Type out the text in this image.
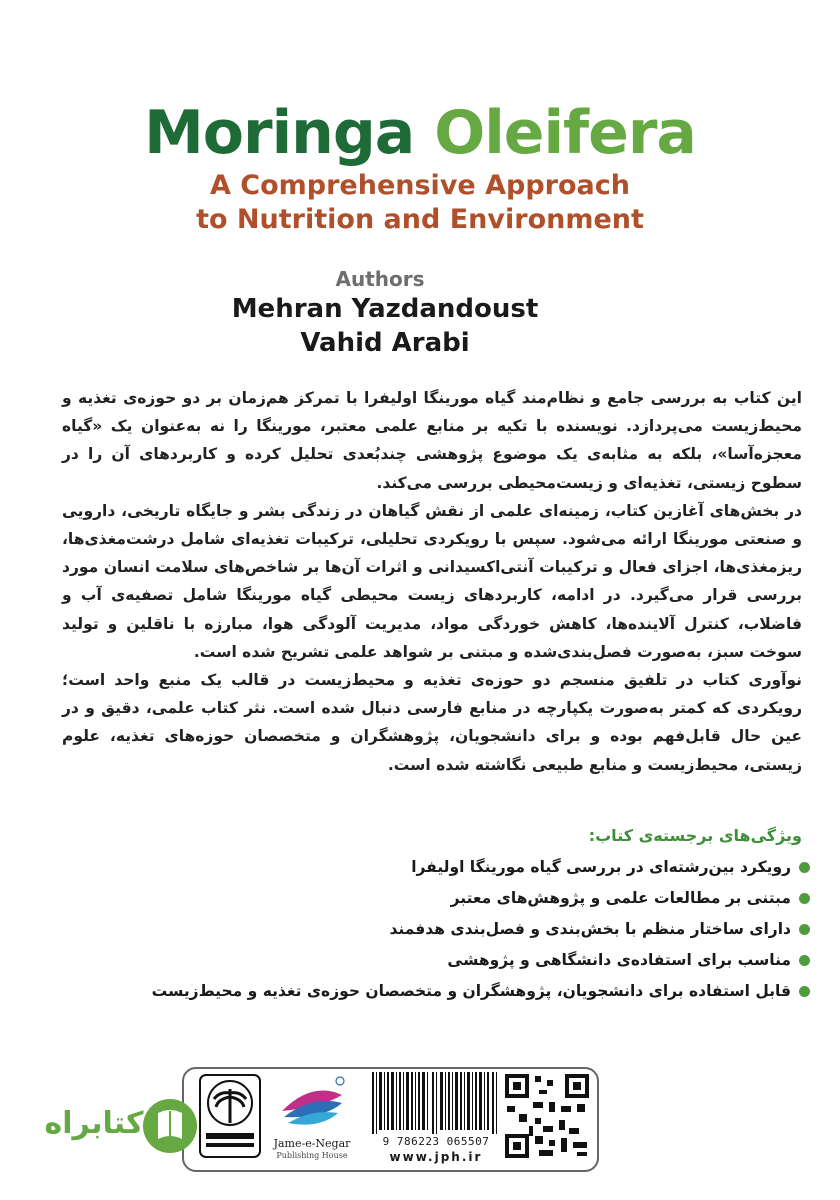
Moringa Oleifera
A Comprehensive Approach
to Nutrition and Environment
Authors
Mehran Yazdandoust
Vahid Arabi

این کتاب به بررسی جامع و نظام‌مند گیاه مورینگا اولیفرا با تمرکز هم‌زمان بر دو حوزه‌ی تغذیه و محیط‌زیست می‌پردازد. نویسنده با تکیه بر منابع علمی معتبر، مورینگا را نه به‌عنوان یک «گیاه معجزه‌آسا»، بلکه به مثابه‌ی یک موضوع پژوهشی چندبُعدی تحلیل کرده و کاربردهای آن را در سطوح زیستی، تغذیه‌ای و زیست‌محیطی بررسی می‌کند.

در بخش‌های آغازین کتاب، زمینه‌ای علمی از نقش گیاهان در زندگی بشر و جایگاه تاریخی، دارویی و صنعتی مورینگا ارائه می‌شود. سپس با رویکردی تحلیلی، ترکیبات تغذیه‌ای شامل درشت‌مغذی‌ها، ریزمغذی‌ها، اجزای فعال و ترکیبات آنتی‌اکسیدانی و اثرات آن‌ها بر شاخص‌های سلامت انسان مورد بررسی قرار می‌گیرد. در ادامه، کاربردهای زیست محیطی گیاه مورینگا شامل تصفیه‌ی آب و فاضلاب، کنترل آلاینده‌ها، کاهش خوردگی مواد، مدیریت آلودگی هوا، مبارزه با ناقلین و تولید سوخت سبز، به‌صورت فصل‌بندی‌شده و مبتنی بر شواهد علمی تشریح شده است.

نوآوری کتاب در تلفیق منسجم دو حوزه‌ی تغذیه و محیط‌زیست در قالب یک منبع واحد است؛ رویکردی که کمتر به‌صورت یکپارچه در منابع فارسی دنبال شده است. نثر کتاب علمی، دقیق و در عین حال قابل‌فهم بوده و برای دانشجویان، پژوهشگران و متخصصان حوزه‌های تغذیه، علوم زیستی، محیط‌زیست و منابع طبیعی نگاشته شده است.

ویژگی‌های برجسته‌ی کتاب:
رویکرد بین‌رشته‌ای در بررسی گیاه مورینگا اولیفرا
مبتنی بر مطالعات علمی و پژوهش‌های معتبر
دارای ساختار منظم با بخش‌بندی و فصل‌بندی هدفمند
مناسب برای استفاده‌ی دانشگاهی و پژوهشی
قابل استفاده برای دانشجویان، پژوهشگران و متخصصان حوزه‌ی تغذیه و محیط‌زیست
Jame-e-Negar
Publishing House
9 786223 065507
www.jph.ir
کتابراه
